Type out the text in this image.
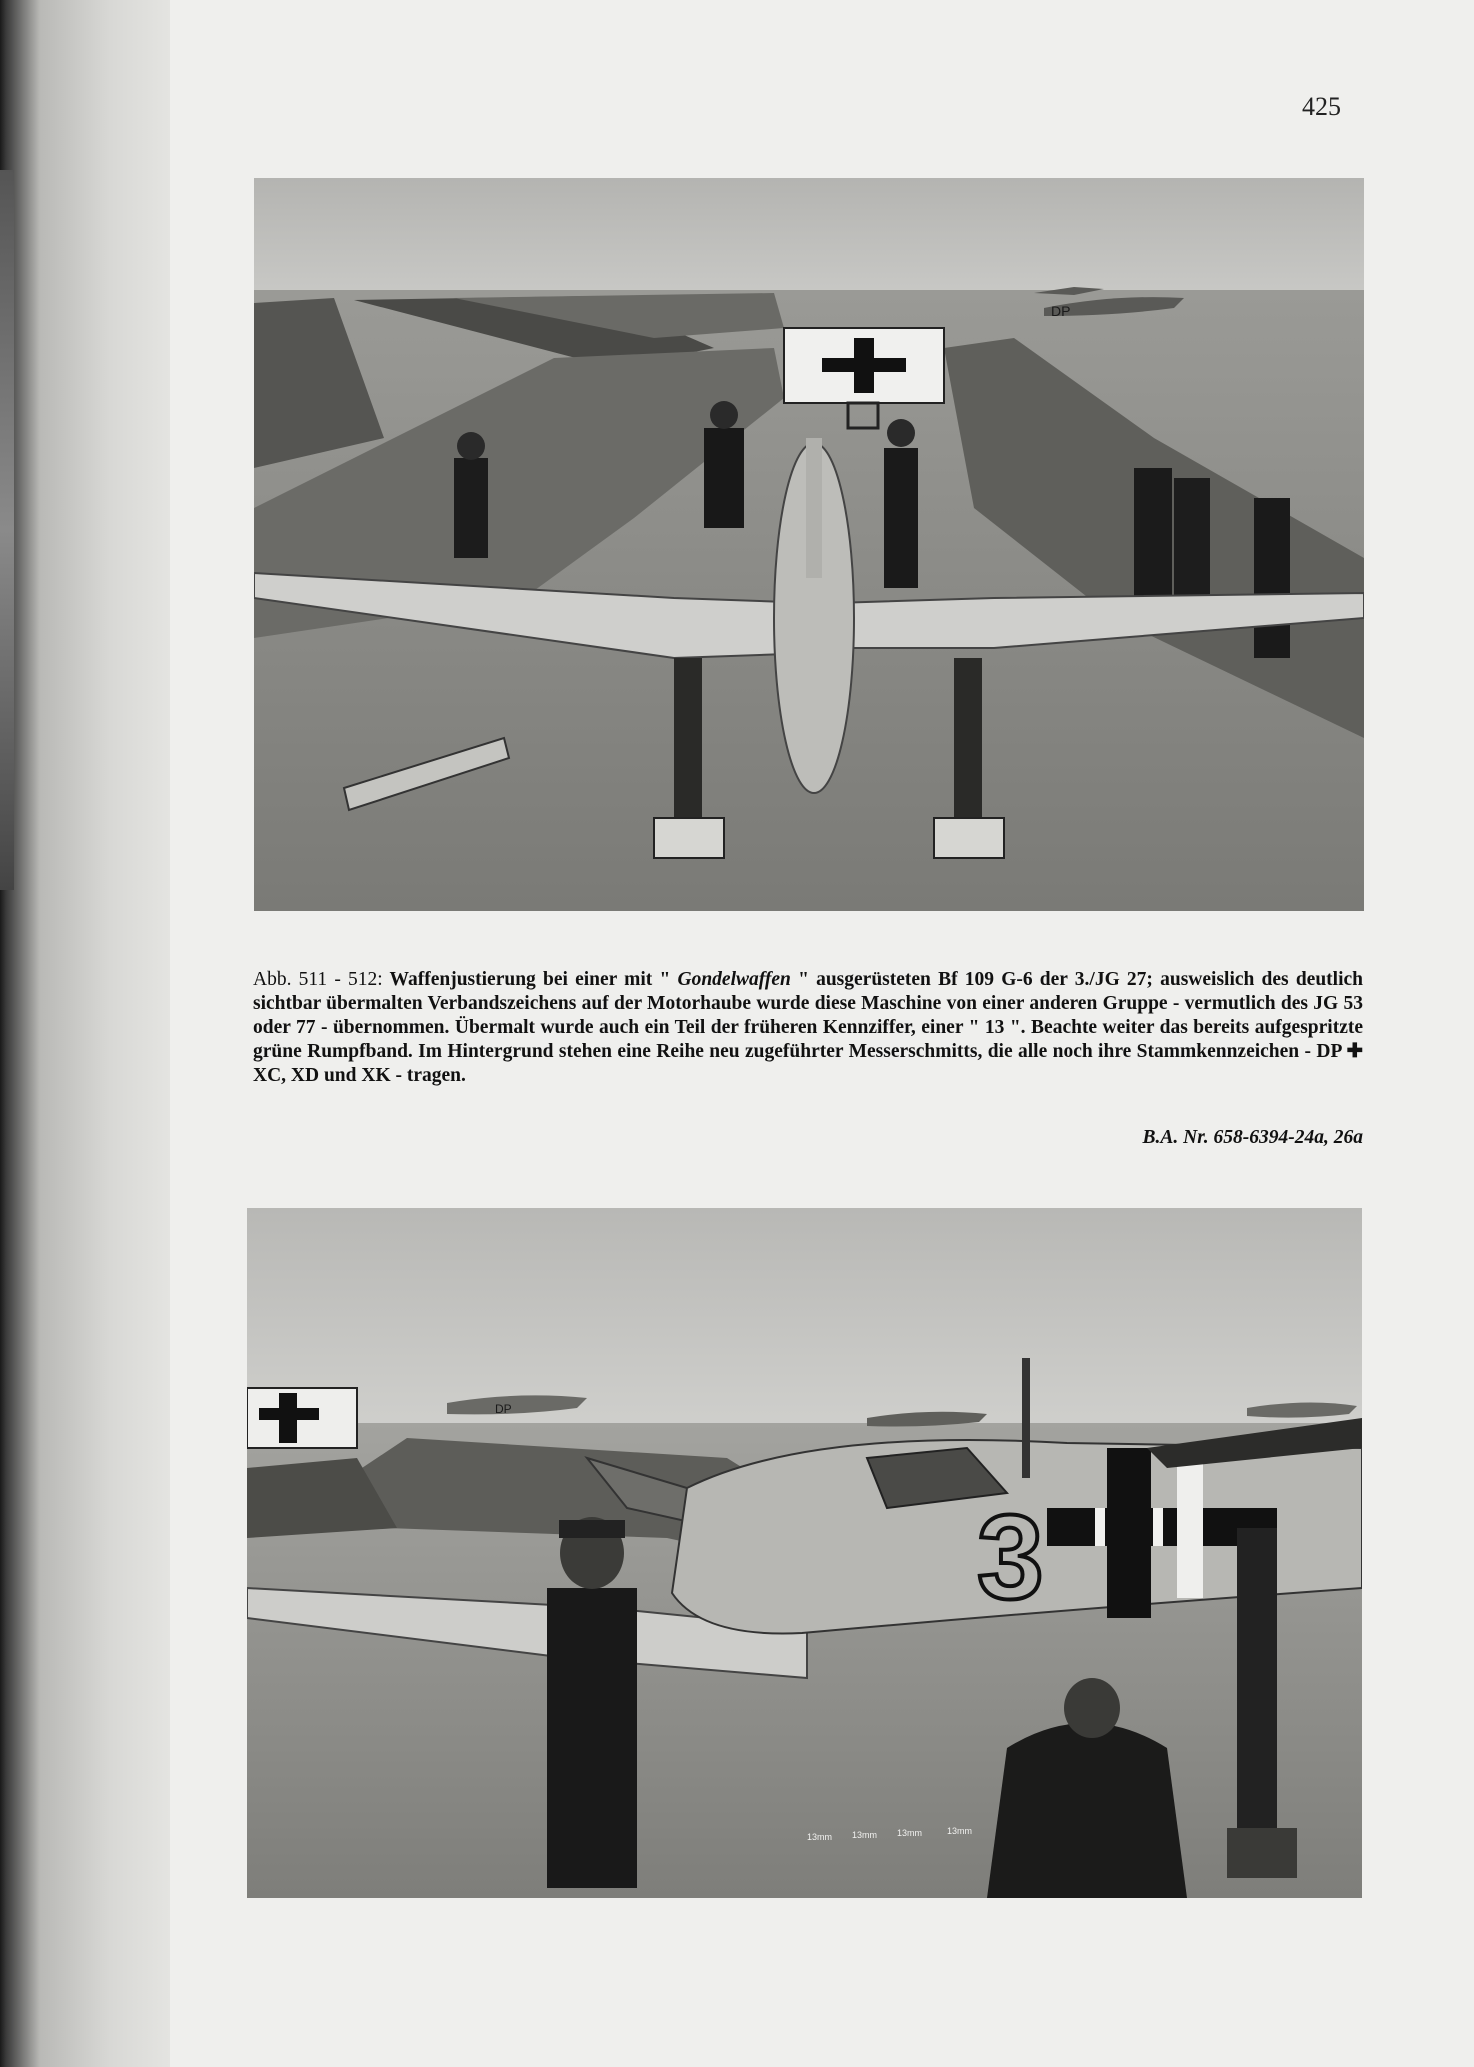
425
DP
Abb. 511 - 512: Waffenjustierung bei einer mit " Gondelwaffen " ausgerüsteten Bf 109 G-6 der 3./JG 27; ausweislich des deutlich sichtbar übermalten Verbandszeichens auf der Motorhaube wurde diese Maschine von einer anderen Gruppe - vermutlich des JG 53 oder 77 - übernommen. Übermalt wurde auch ein Teil der früheren Kennziffer, einer " 13 ". Beachte weiter das bereits aufgespritzte grüne Rumpfband. Im Hintergrund stehen eine Reihe neu zugeführter Messerschmitts, die alle noch ihre Stammkennzeichen - DP ✚ XC, XD und XK - tragen.
B.A. Nr. 658-6394-24a, 26a
DP
3
13mm 13mm 13mm	13mm
